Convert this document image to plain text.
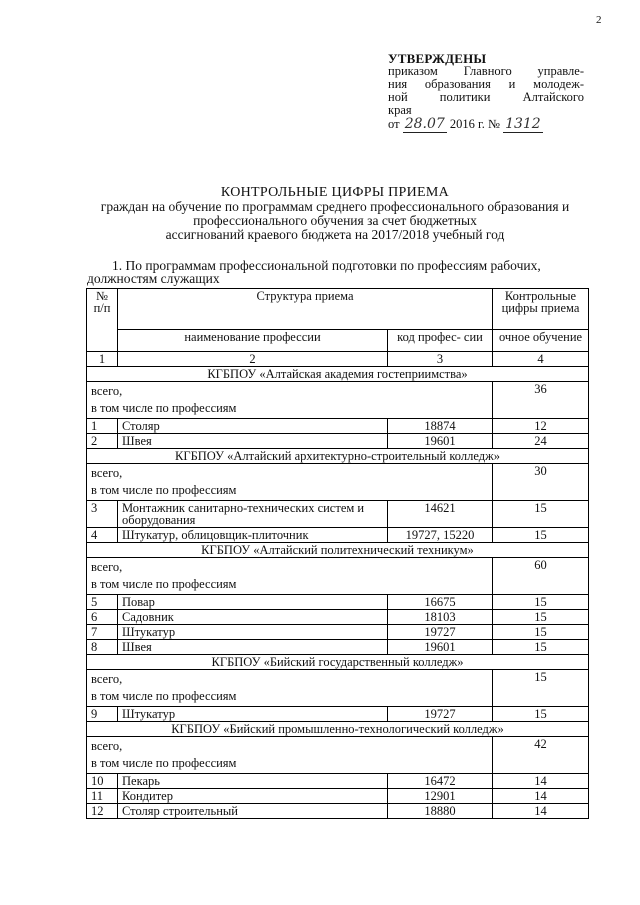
2
УТВЕРЖДЕНЫ
приказом Главного управле-
ния образования и молодеж-
ной политики Алтайского
края
от 28.07 2016 г. № 1312
КОНТРОЛЬНЫЕ ЦИФРЫ ПРИЕМА
граждан на обучение по программам среднего профессионального образования и
профессионального обучения за счет бюджетных
ассигнований краевого бюджета на 2017/2018 учебный год
1. По программам профессиональной подготовки по профессиям рабочих,
должностям служащих
№ п/п	Структура приема		Контрольные цифры приема
	наименование профессии	код профес- сии	очное обучение
1	2	3	4
КГБПОУ «Алтайская академия гостеприимства»			

всего,
в том числе по профессиям			36
1	Столяр	18874	12
2	Швея	19601	24
КГБПОУ «Алтайский архитектурно-строительный колледж»			

всего,
в том числе по профессиям			30
3	Монтажник санитарно-технических систем и оборудования	14621	15
4	Штукатур, облицовщик-плиточник	19727, 15220	15
КГБПОУ «Алтайский политехнический техникум»			

всего,
в том числе по профессиям			60
5	Повар	16675	15
6	Садовник	18103	15
7	Штукатур	19727	15
8	Швея	19601	15
КГБПОУ «Бийский государственный колледж»			

всего,
в том числе по профессиям			15
9	Штукатур	19727	15
КГБПОУ «Бийский промышленно-технологический колледж»			

всего,
в том числе по профессиям			42
10	Пекарь	16472	14
11	Кондитер	12901	14
12	Столяр строительный	18880	14
